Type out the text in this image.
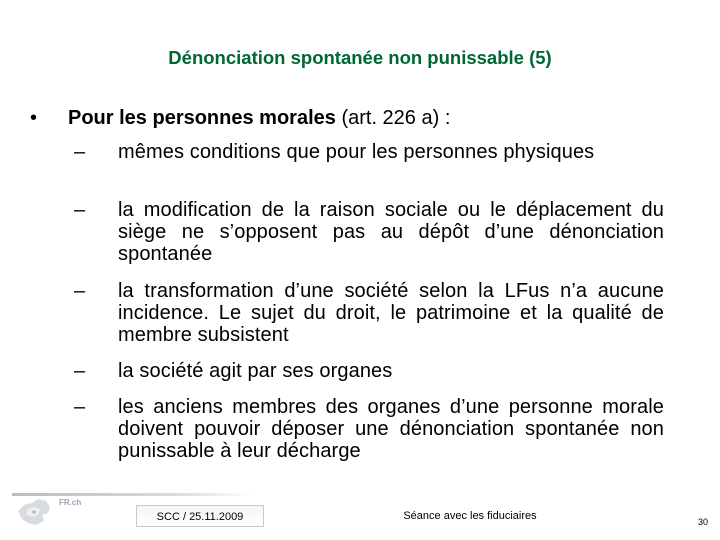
Dénonciation spontanée non punissable (5)
• Pour les personnes morales (art. 226 a) :
– mêmes conditions que pour les personnes physiques
– la modification de la raison sociale ou le déplacement du siège ne s’opposent pas au dépôt d’une dénonciation spontanée
– la transformation d’une société selon la LFus n’a aucune incidence. Le sujet du droit, le patrimoine et la qualité de membre subsistent
– la société agit par ses organes
– les anciens membres des organes d’une personne morale doivent pouvoir déposer une dénonciation spontanée non punissable à leur décharge
FR.ch
SCC / 25.11.2009	Séance avec les fiduciaires	30
